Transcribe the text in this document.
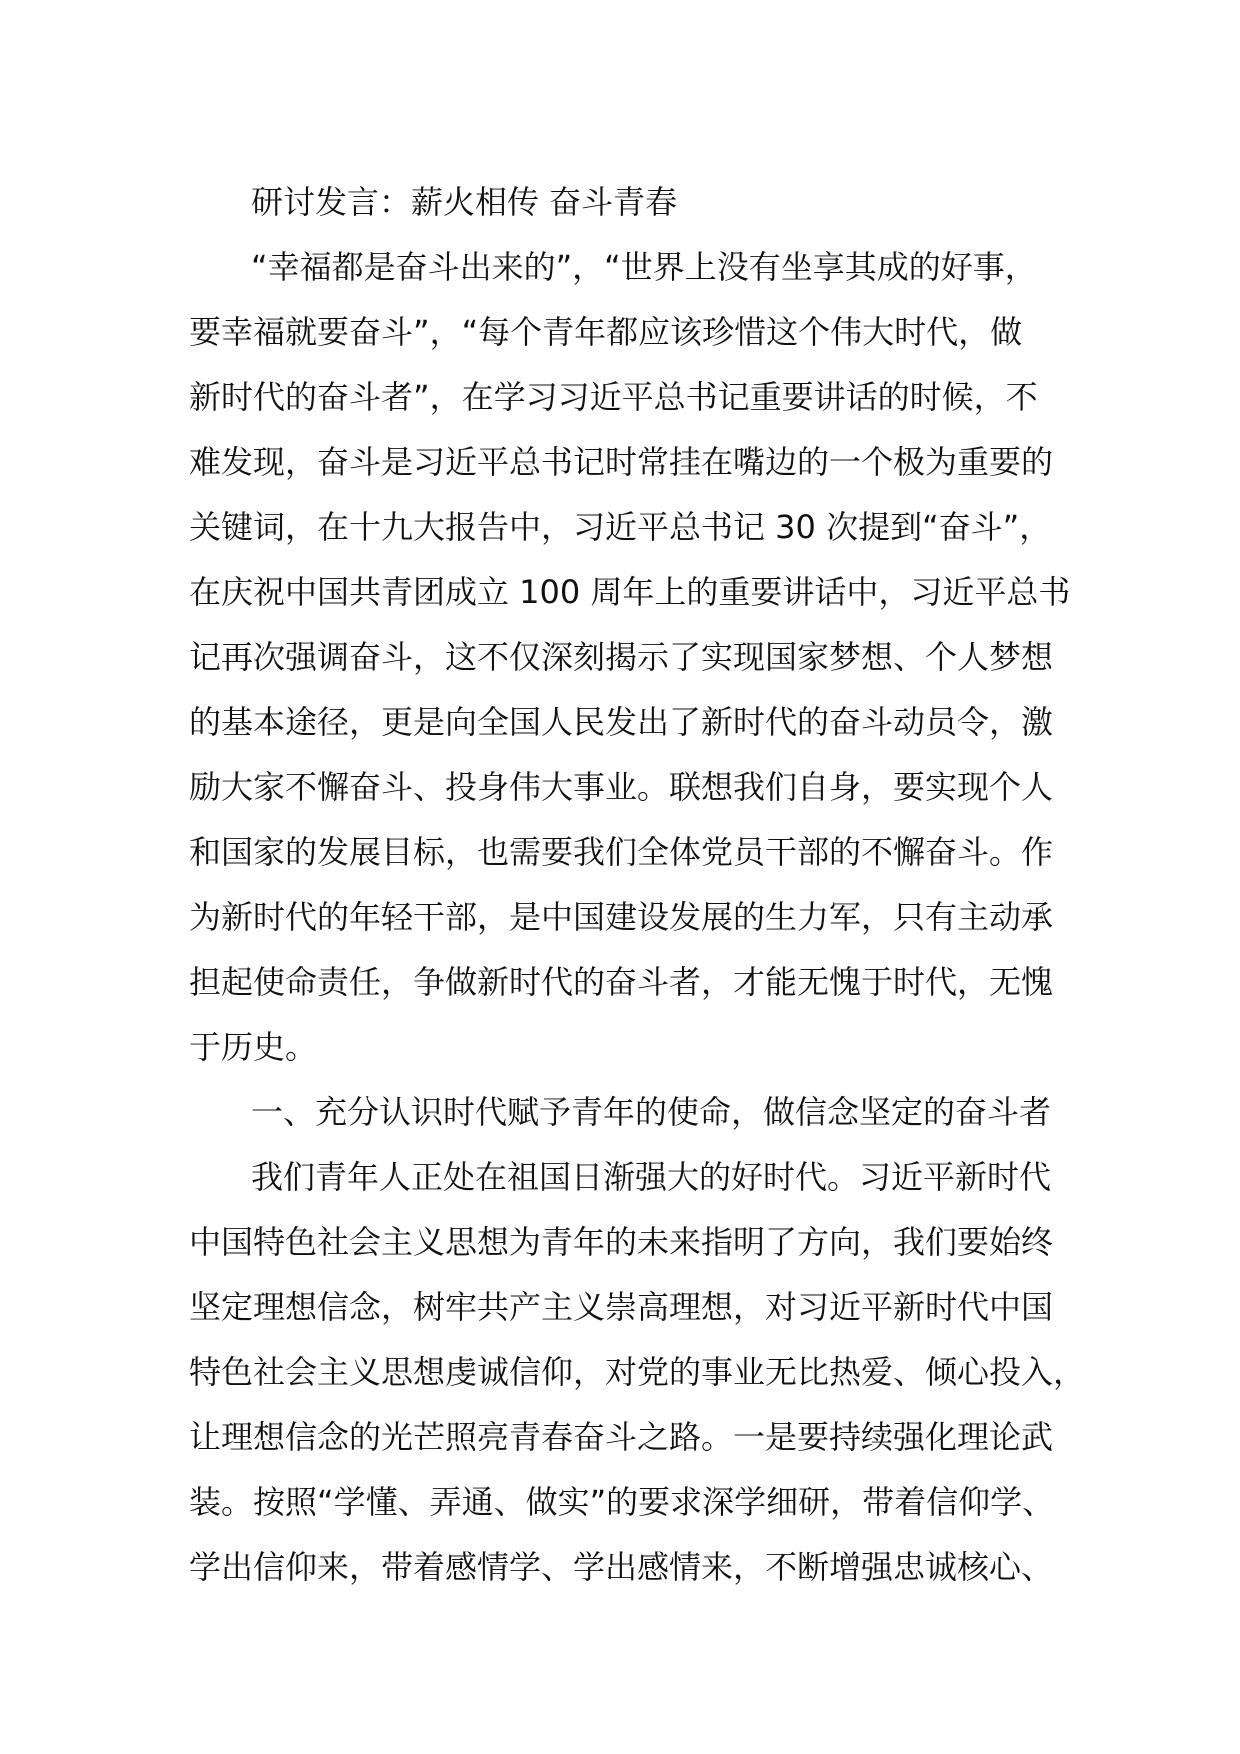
研讨发言：薪火相传 奋斗青春
“幸福都是奋斗出来的”，“世界上没有坐享其成的好事，
要幸福就要奋斗”，“每个青年都应该珍惜这个伟大时代，做
新时代的奋斗者”，在学习习近平总书记重要讲话的时候，不
难发现，奋斗是习近平总书记时常挂在嘴边的一个极为重要的
关键词，在十九大报告中，习近平总书记 30 次提到“奋斗”，
在庆祝中国共青团成立 100 周年上的重要讲话中，习近平总书
记再次强调奋斗，这不仅深刻揭示了实现国家梦想、个人梦想
的基本途径，更是向全国人民发出了新时代的奋斗动员令，激
励大家不懈奋斗、投身伟大事业。联想我们自身，要实现个人
和国家的发展目标，也需要我们全体党员干部的不懈奋斗。作
为新时代的年轻干部，是中国建设发展的生力军，只有主动承
担起使命责任，争做新时代的奋斗者，才能无愧于时代，无愧
于历史。
一、充分认识时代赋予青年的使命，做信念坚定的奋斗者
我们青年人正处在祖国日渐强大的好时代。习近平新时代
中国特色社会主义思想为青年的未来指明了方向，我们要始终
坚定理想信念，树牢共产主义崇高理想，对习近平新时代中国
特色社会主义思想虔诚信仰，对党的事业无比热爱、倾心投入，
让理想信念的光芒照亮青春奋斗之路。一是要持续强化理论武
装。按照“学懂、弄通、做实”的要求深学细研，带着信仰学、
学出信仰来，带着感情学、学出感情来，不断增强忠诚核心、
